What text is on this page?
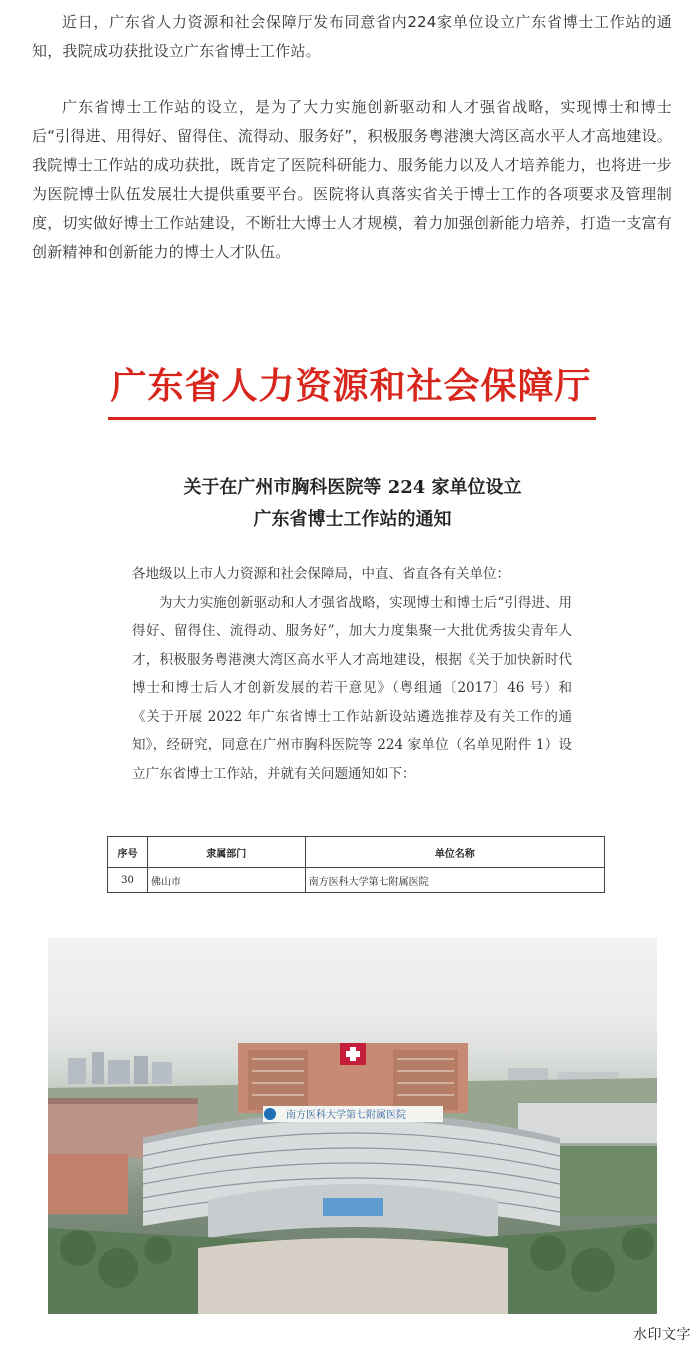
近日，广东省人力资源和社会保障厅发布同意省内224家单位设立广东省博士工作站的通知，我院成功获批设立广东省博士工作站。

广东省博士工作站的设立，是为了大力实施创新驱动和人才强省战略，实现博士和博士后“引得进、用得好、留得住、流得动、服务好”，积极服务粤港澳大湾区高水平人才高地建设。我院博士工作站的成功获批，既肯定了医院科研能力、服务能力以及人才培养能力，也将进一步为医院博士队伍发展壮大提供重要平台。医院将认真落实省关于博士工作的各项要求及管理制度，切实做好博士工作站建设，不断壮大博士人才规模，着力加强创新能力培养，打造一支富有创新精神和创新能力的博士人才队伍。

广东省人力资源和社会保障厅
关于在广州市胸科医院等 224 家单位设立
广东省博士工作站的通知

各地级以上市人力资源和社会保障局，中直、省直各有关单位：

为大力实施创新驱动和人才强省战略，实现博士和博士后“引得进、用得好、留得住、流得动、服务好”，加大力度集聚一大批优秀拔尖青年人才，积极服务粤港澳大湾区高水平人才高地建设，根据《关于加快新时代博士和博士后人才创新发展的若干意见》（粤组通〔2017〕46 号）和《关于开展 2022 年广东省博士工作站新设站遴选推荐及有关工作的通知》，经研究，同意在广州市胸科医院等 224 家单位（名单见附件 1）设立广东省博士工作站，并就有关问题通知如下：

序号	隶属部门	单位名称
30	佛山市	南方医科大学第七附属医院
南方医科大学第七附属医院
水印文字
